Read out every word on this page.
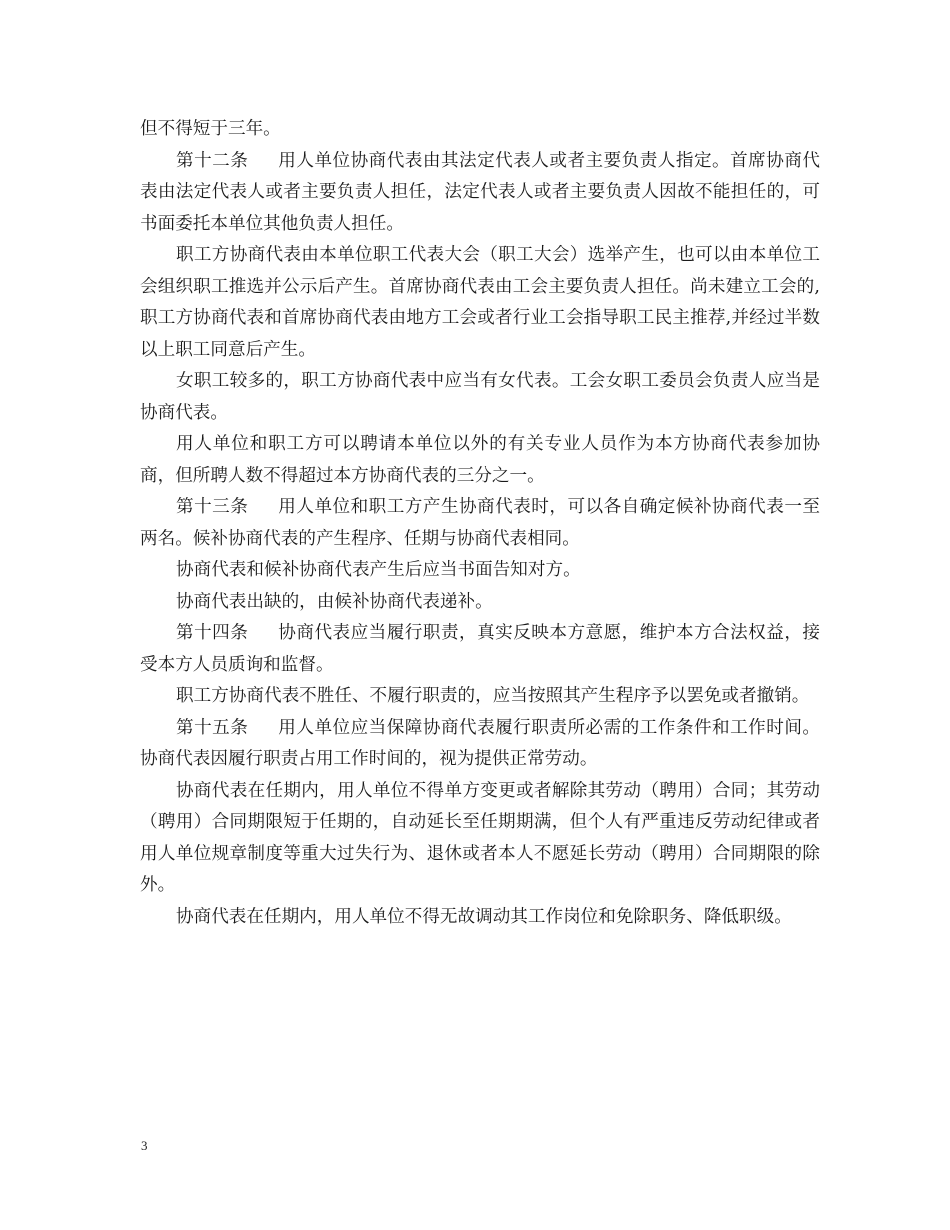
但不得短于三年。

第十二条 用人单位协商代表由其法定代表人或者主要负责人指定。首席协商代表由法定代表人或者主要负责人担任，法定代表人或者主要负责人因故不能担任的，可书面委托本单位其他负责人担任。

职工方协商代表由本单位职工代表大会（职工大会）选举产生，也可以由本单位工会组织职工推选并公示后产生。首席协商代表由工会主要负责人担任。尚未建立工会的,职工方协商代表和首席协商代表由地方工会或者行业工会指导职工民主推荐,并经过半数以上职工同意后产生。

女职工较多的，职工方协商代表中应当有女代表。工会女职工委员会负责人应当是协商代表。

用人单位和职工方可以聘请本单位以外的有关专业人员作为本方协商代表参加协商，但所聘人数不得超过本方协商代表的三分之一。

第十三条 用人单位和职工方产生协商代表时，可以各自确定候补协商代表一至两名。候补协商代表的产生程序、任期与协商代表相同。

协商代表和候补协商代表产生后应当书面告知对方。

协商代表出缺的，由候补协商代表递补。

第十四条 协商代表应当履行职责，真实反映本方意愿，维护本方合法权益，接受本方人员质询和监督。

职工方协商代表不胜任、不履行职责的，应当按照其产生程序予以罢免或者撤销。

第十五条 用人单位应当保障协商代表履行职责所必需的工作条件和工作时间。协商代表因履行职责占用工作时间的，视为提供正常劳动。

协商代表在任期内，用人单位不得单方变更或者解除其劳动（聘用）合同；其劳动（聘用）合同期限短于任期的，自动延长至任期期满，但个人有严重违反劳动纪律或者用人单位规章制度等重大过失行为、退休或者本人不愿延长劳动（聘用）合同期限的除外。

协商代表在任期内，用人单位不得无故调动其工作岗位和免除职务、降低职级。

3
